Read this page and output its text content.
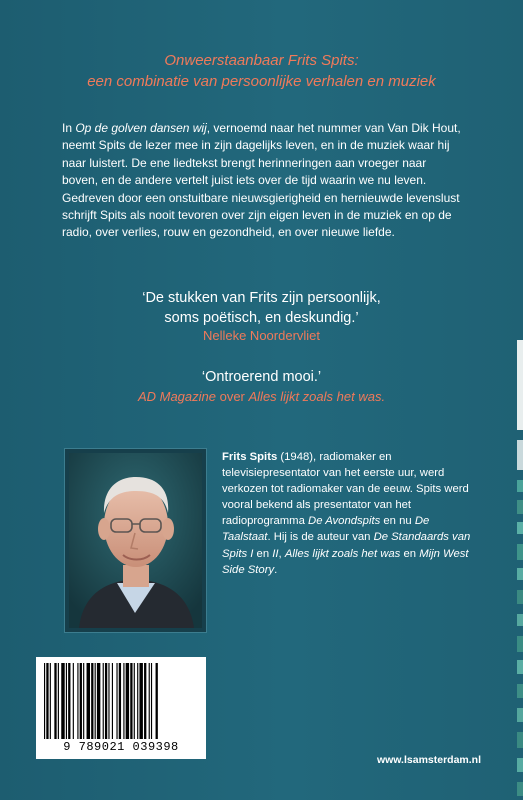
Onweerstaanbaar Frits Spits:
een combinatie van persoonlijke verhalen en muziek

In Op de golven dansen wij, vernoemd naar het nummer van Van Dik Hout, neemt Spits de lezer mee in zijn dagelijks leven, en in de muziek waar hij naar luistert. De ene liedtekst brengt herinneringen aan vroeger naar boven, en de andere vertelt juist iets over de tijd waarin we nu leven. Gedreven door een onstuitbare nieuwsgierigheid en hernieuwde levenslust schrijft Spits als nooit tevoren over zijn eigen leven in de muziek en op de radio, over verlies, rouw en gezondheid, en over nieuwe liefde.

‘De stukken van Frits zijn persoonlijk,
soms poëtisch, en deskundig.’
Nelleke Noordervliet
‘Ontroerend mooi.’
AD Magazine over Alles lijkt zoals het was.

Frits Spits (1948), radiomaker en televisiepresentator van het eerste uur, werd verkozen tot radiomaker van de eeuw. Spits werd vooral bekend als presentator van het radioprogramma De Avondspits en nu De Taalstaat. Hij is de auteur van De Standaards van Spits I en II, Alles lijkt zoals het was en Mijn West Side Story.

9 789021 039398
www.lsamsterdam.nl
